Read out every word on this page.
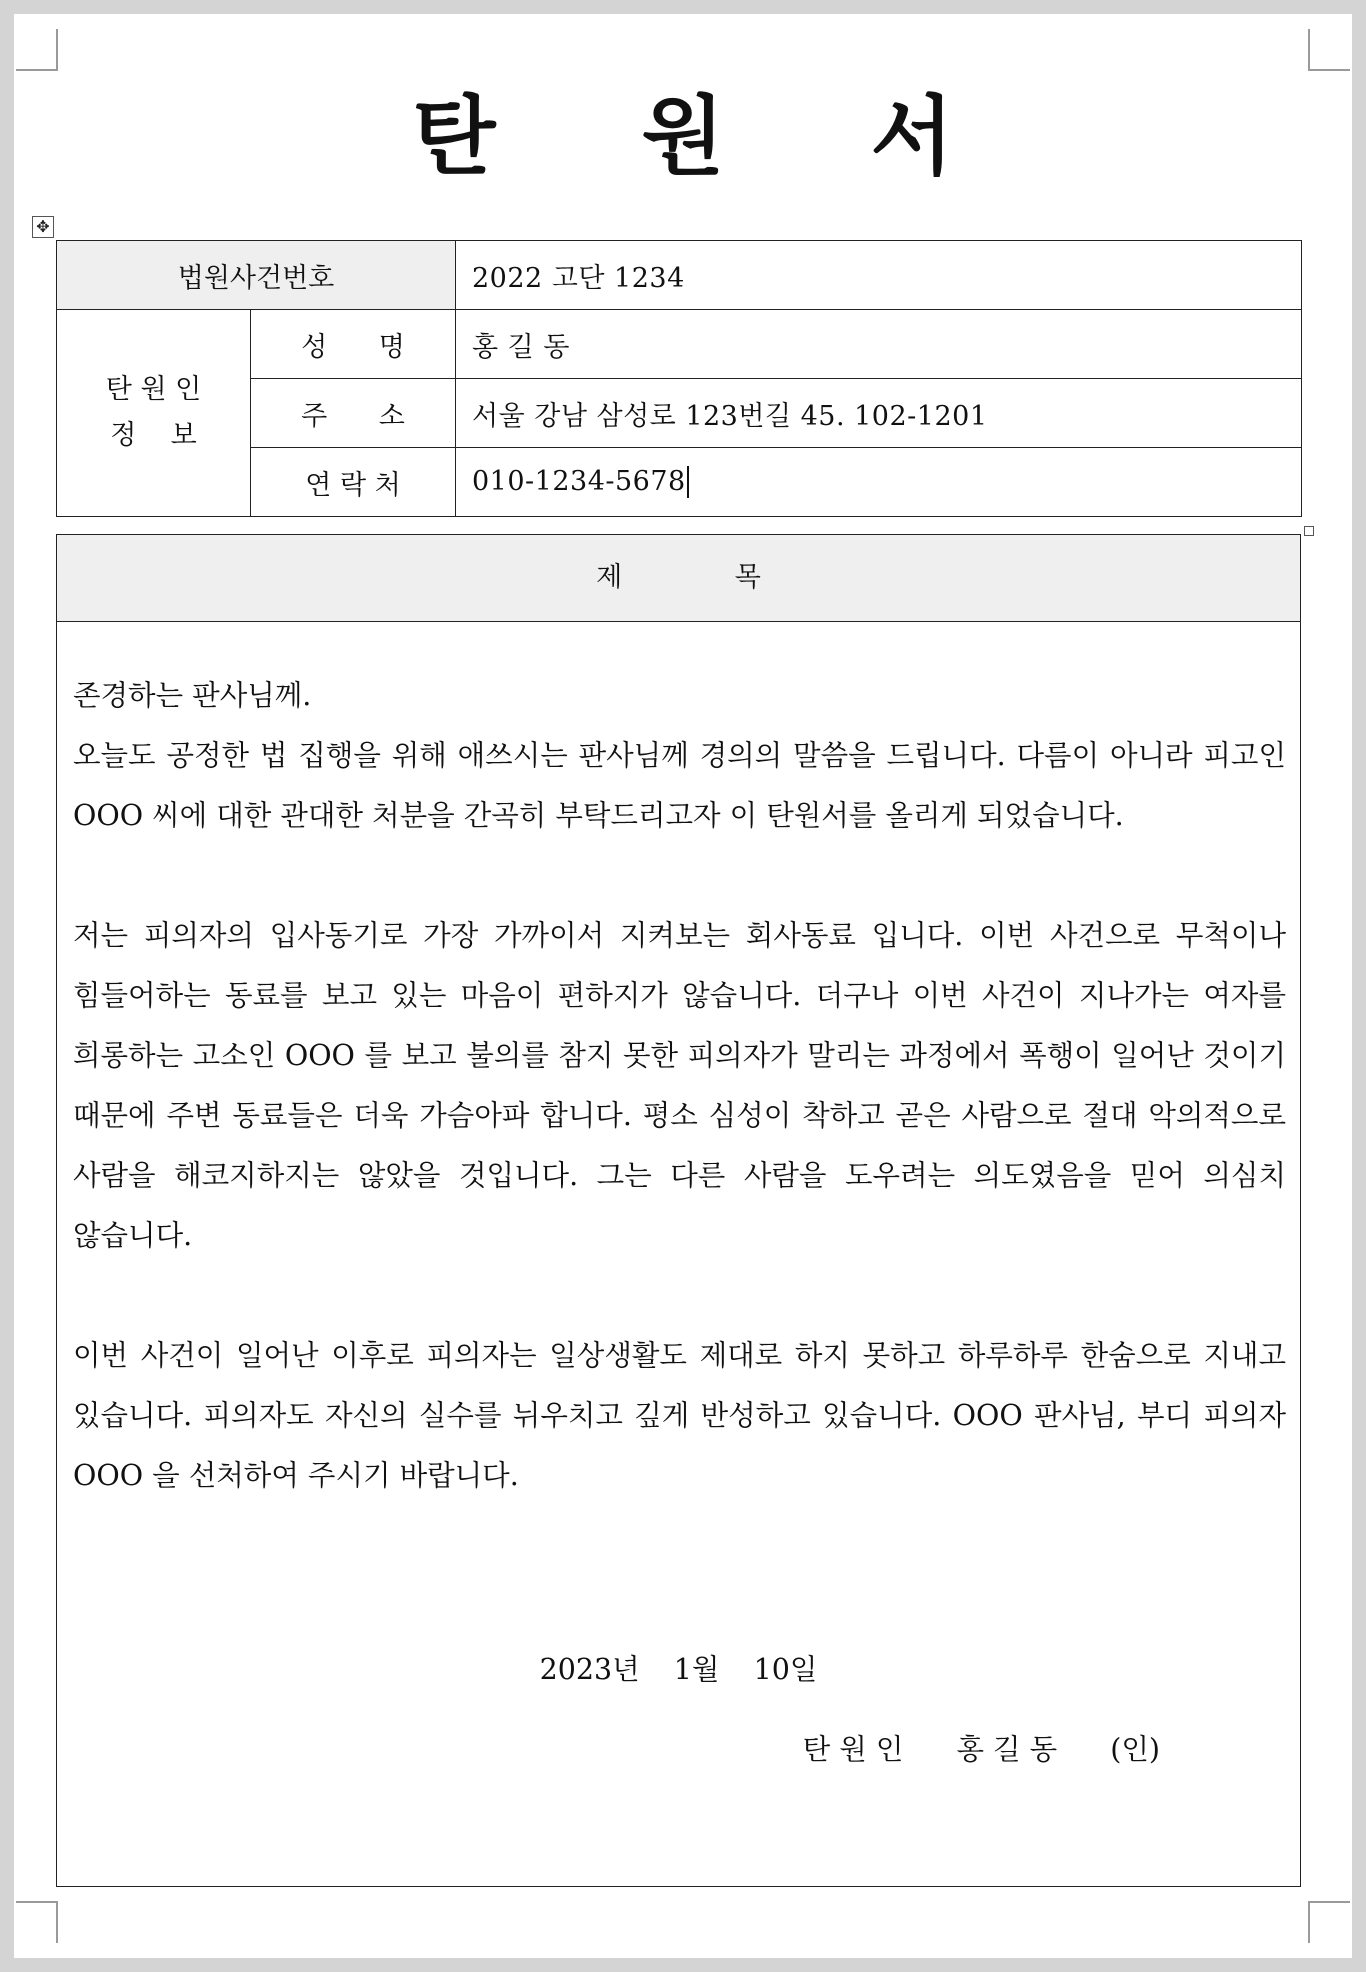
탄 원 서
✥
법원사건번호		2022 고단 1234

탄 원 인
정    보	성      명	홍 길 동
	주      소	서울 강남 삼성로 123번길 45. 102-1201
	연 락 처	010-1234-5678
제 목

존경하는 판사님께.

오늘도 공정한 법 집행을 위해 애쓰시는 판사님께 경의의 말씀을 드립니다. 다름이 아니라 피고인 OOO 씨에 대한 관대한 처분을 간곡히 부탁드리고자 이 탄원서를 올리게 되었습니다.

저는 피의자의 입사동기로 가장 가까이서 지켜보는 회사동료 입니다. 이번 사건으로 무척이나 힘들어하는 동료를 보고 있는 마음이 편하지가 않습니다. 더구나 이번 사건이 지나가는 여자를 희롱하는 고소인 OOO 를 보고 불의를 참지 못한 피의자가 말리는 과정에서 폭행이 일어난 것이기 때문에 주변 동료들은 더욱 가슴아파 합니다. 평소 심성이 착하고 곧은 사람으로 절대 악의적으로 사람을 해코지하지는 않았을 것입니다. 그는 다른 사람을 도우려는 의도였음을 믿어 의심치 않습니다.

이번 사건이 일어난 이후로 피의자는 일상생활도 제대로 하지 못하고 하루하루 한숨으로 지내고 있습니다. 피의자도 자신의 실수를 뉘우치고 깊게 반성하고 있습니다. OOO 판사님, 부디 피의자  OOO 을 선처하여 주시기 바랍니다.

2023년  1월  10일
탄 원 인 홍 길 동 (인)
